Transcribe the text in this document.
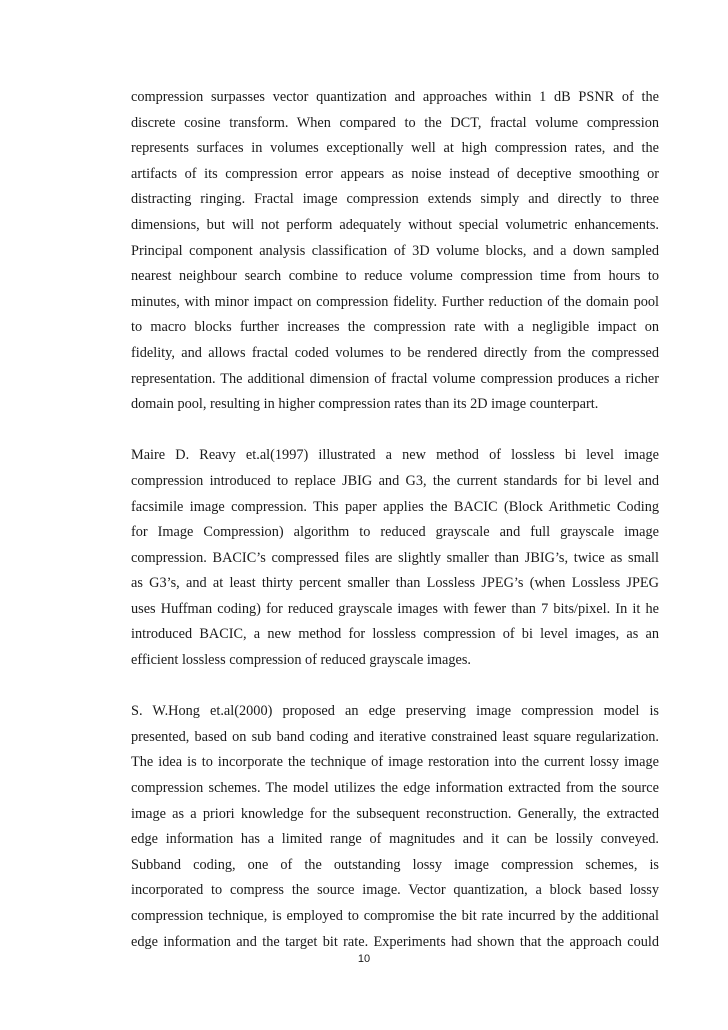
compression surpasses vector quantization and approaches within 1 dB PSNR of the
discrete cosine transform. When compared to the DCT, fractal volume compression
represents surfaces in volumes exceptionally well at high compression rates, and the
artifacts of its compression error appears as noise instead of deceptive smoothing or
distracting ringing. Fractal image compression extends simply and directly to three
dimensions, but will not perform adequately without special volumetric enhancements.
Principal component analysis classification of 3D volume blocks, and a down sampled
nearest neighbour search combine to reduce volume compression time from hours to
minutes, with minor impact on compression fidelity. Further reduction of the domain pool
to macro blocks further increases the compression rate with a negligible impact on
fidelity, and allows fractal coded volumes to be rendered directly from the compressed
representation. The additional dimension of fractal volume compression produces a richer
domain pool, resulting in higher compression rates than its 2D image counterpart.
Maire D. Reavy et.al(1997) illustrated a new method of lossless bi level image
compression introduced to replace JBIG and G3, the current standards for bi level and
facsimile image compression. This paper applies the BACIC (Block Arithmetic Coding
for Image Compression) algorithm to reduced grayscale and full grayscale image
compression. BACIC’s compressed files are slightly smaller than JBIG’s, twice as small
as G3’s, and at least thirty percent smaller than Lossless JPEG’s (when Lossless JPEG
uses Huffman coding) for reduced grayscale images with fewer than 7 bits/pixel. In it he
introduced BACIC, a new method for lossless compression of bi level images, as an
efficient lossless compression of reduced grayscale images.
S. W.Hong et.al(2000) proposed an edge preserving image compression model is
presented, based on sub band coding and iterative constrained least square regularization.
The idea is to incorporate the technique of image restoration into the current lossy image
compression schemes. The model utilizes the edge information extracted from the source
image as a priori knowledge for the subsequent reconstruction. Generally, the extracted
edge information has a limited range of magnitudes and it can be lossily conveyed.
Subband coding, one of the outstanding lossy image compression schemes, is
incorporated to compress the source image. Vector quantization, a block based lossy
compression technique, is employed to compromise the bit rate incurred by the additional
edge information and the target bit rate. Experiments had shown that the approach could
10
